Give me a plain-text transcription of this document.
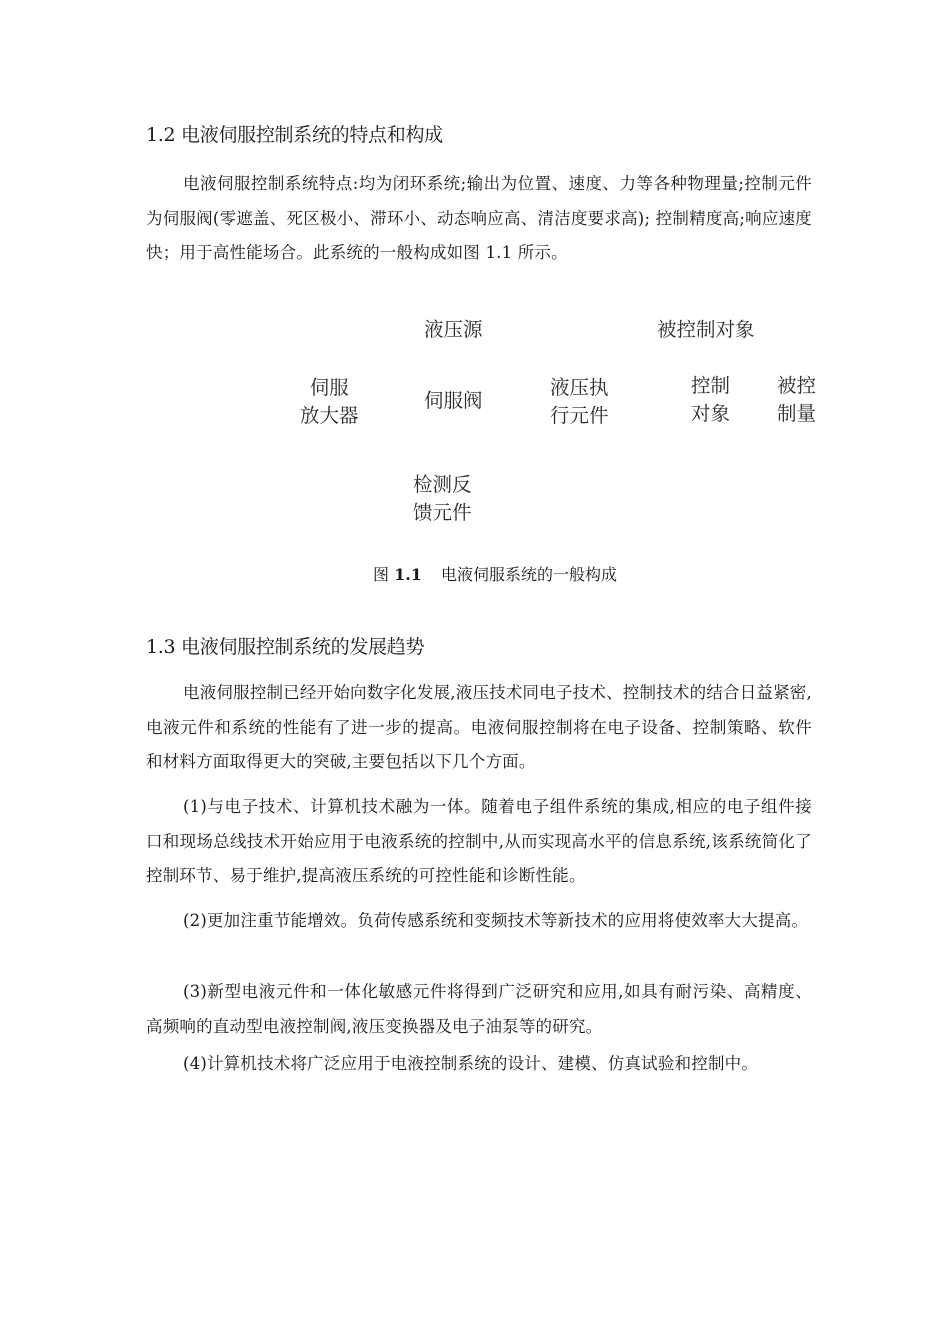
1.2 电液伺服控制系统的特点和构成
电液伺服控制系统特点:均为闭环系统;输出为位置、速度、力等各种物理量;控制元件为伺服阀(零遮盖、死区极小、滞环小、动态响应高、清洁度要求高); 控制精度高;响应速度快；用于高性能场合。此系统的一般构成如图 1.1 所示。
液压源	被控制对象
伺服
放大器
伺服阀
液压执
行元件
控制
对象
被控
制量
检测反
馈元件
图 1.1 电液伺服系统的一般构成
1.3 电液伺服控制系统的发展趋势
电液伺服控制已经开始向数字化发展,液压技术同电子技术、控制技术的结合日益紧密,电液元件和系统的性能有了进一步的提高。电液伺服控制将在电子设备、控制策略、软件和材料方面取得更大的突破,主要包括以下几个方面。
(1)与电子技术、计算机技术融为一体。随着电子组件系统的集成,相应的电子组件接口和现场总线技术开始应用于电液系统的控制中,从而实现高水平的信息系统,该系统简化了控制环节、易于维护,提高液压系统的可控性能和诊断性能。
(2)更加注重节能增效。负荷传感系统和变频技术等新技术的应用将使效率大大提高。
(3)新型电液元件和一体化敏感元件将得到广泛研究和应用,如具有耐污染、高精度、高频响的直动型电液控制阀,液压变换器及电子油泵等的研究。
(4)计算机技术将广泛应用于电液控制系统的设计、建模、仿真试验和控制中。
